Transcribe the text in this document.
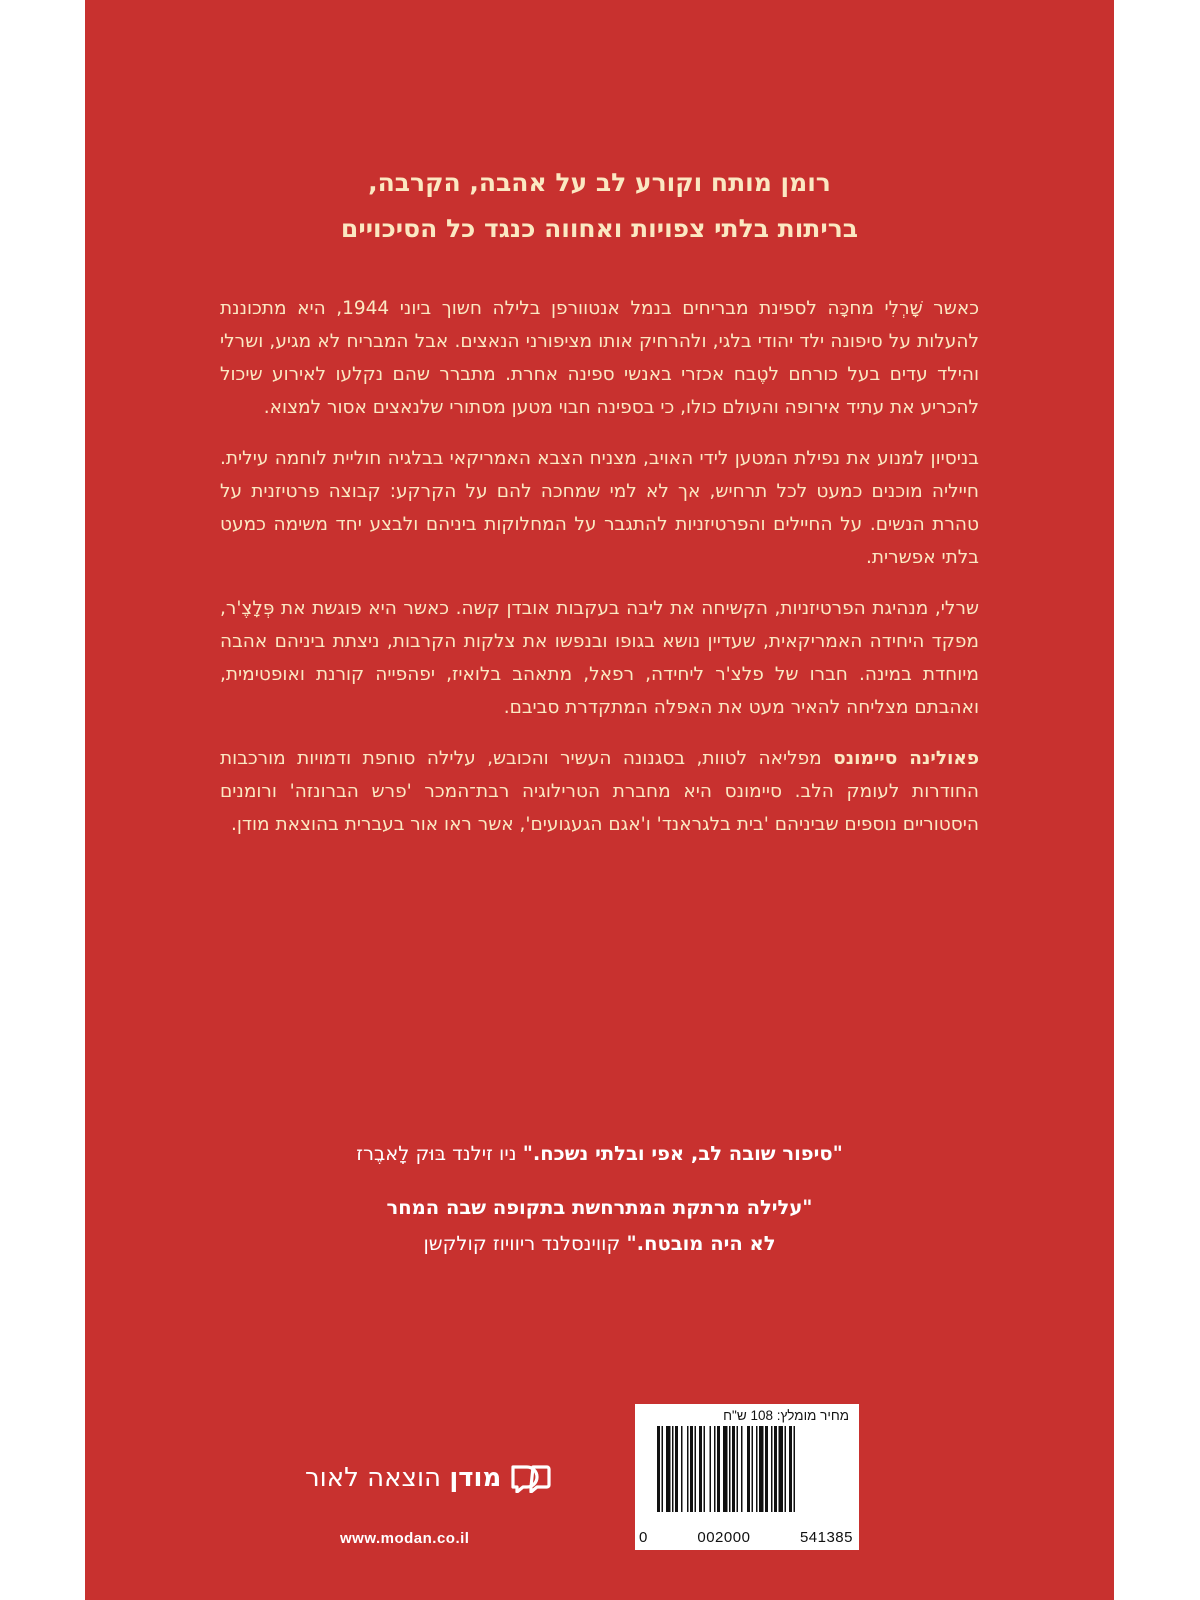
רומן מותח וקורע לב על אהבה, הקרבה,
בריתות בלתי צפויות ואחווה כנגד כל הסיכויים

כאשר שָׁרְלִי מחכָּה לספינת מבריחים בנמל אנטוורפן בלילה חשוך ביוני 1944, היא מתכוננת להעלות על סיפונה ילד יהודי בלגי, ולהרחיק אותו מציפורני הנאצים. אבל המבריח לא מגיע, ושרלי והילד עדים בעל כורחם לטֶבח אכזרי באנשי ספינה אחרת. מתברר שהם נקלעו לאירוע שיכול להכריע את עתיד אירופה והעולם כולו, כי בספינה חבוי מטען מסתורי שלנאצים אסור למצוא.

בניסיון למנוע את נפילת המטען לידי האויב, מצניח הצבא האמריקאי בבלגיה חוליית לוחמה עילית. חייליה מוכנים כמעט לכל תרחיש, אך לא למי שמחכה להם על הקרקע: קבוצה פרטיזנית על טהרת הנשים. על החיילים והפרטיזניות להתגבר על המחלוקות ביניהם ולבצע יחד משימה כמעט בלתי אפשרית.

שרלי, מנהיגת הפרטיזניות, הקשיחה את ליבה בעקבות אובדן קשה. כאשר היא פוגשת את פְּלָצֶ'ר, מפקד היחידה האמריקאית, שעדיין נושא בגופו ובנפשו את צלקות הקרבות, ניצתת ביניהם אהבה מיוחדת במינה. חברו של פלצ'ר ליחידה, רפאל, מתאהב בלואיז, יפהפייה קורנת ואופטימית, ואהבתם מצליחה להאיר מעט את האפלה המתקדרת סביבם.

פאולינה סיימונס מפליאה לטוות, בסגנונה העשיר והכובש, עלילה סוחפת ודמויות מורכבות החודרות לעומק הלב. סיימונס היא מחברת הטרילוגיה רבת־המכר 'פרש הברונזה' ורומנים היסטוריים נוספים שביניהם 'בית בלגראנד' ו'אגם הגעגועים', אשר ראו אור בעברית בהוצאת מודן.

"סיפור שובה לב, אפי ובלתי נשכח." ניו זילנד בּוּק לָאבֶרז
"עלילה מרתקת המתרחשת בתקופה שבה המחר
לא היה מובטח." קווינסלנד ריוויוז קולקשן
מודן הוצאה לאור
www.modan.co.il
מחיר מומלץ: 108 ש"ח
0	002000	541385
